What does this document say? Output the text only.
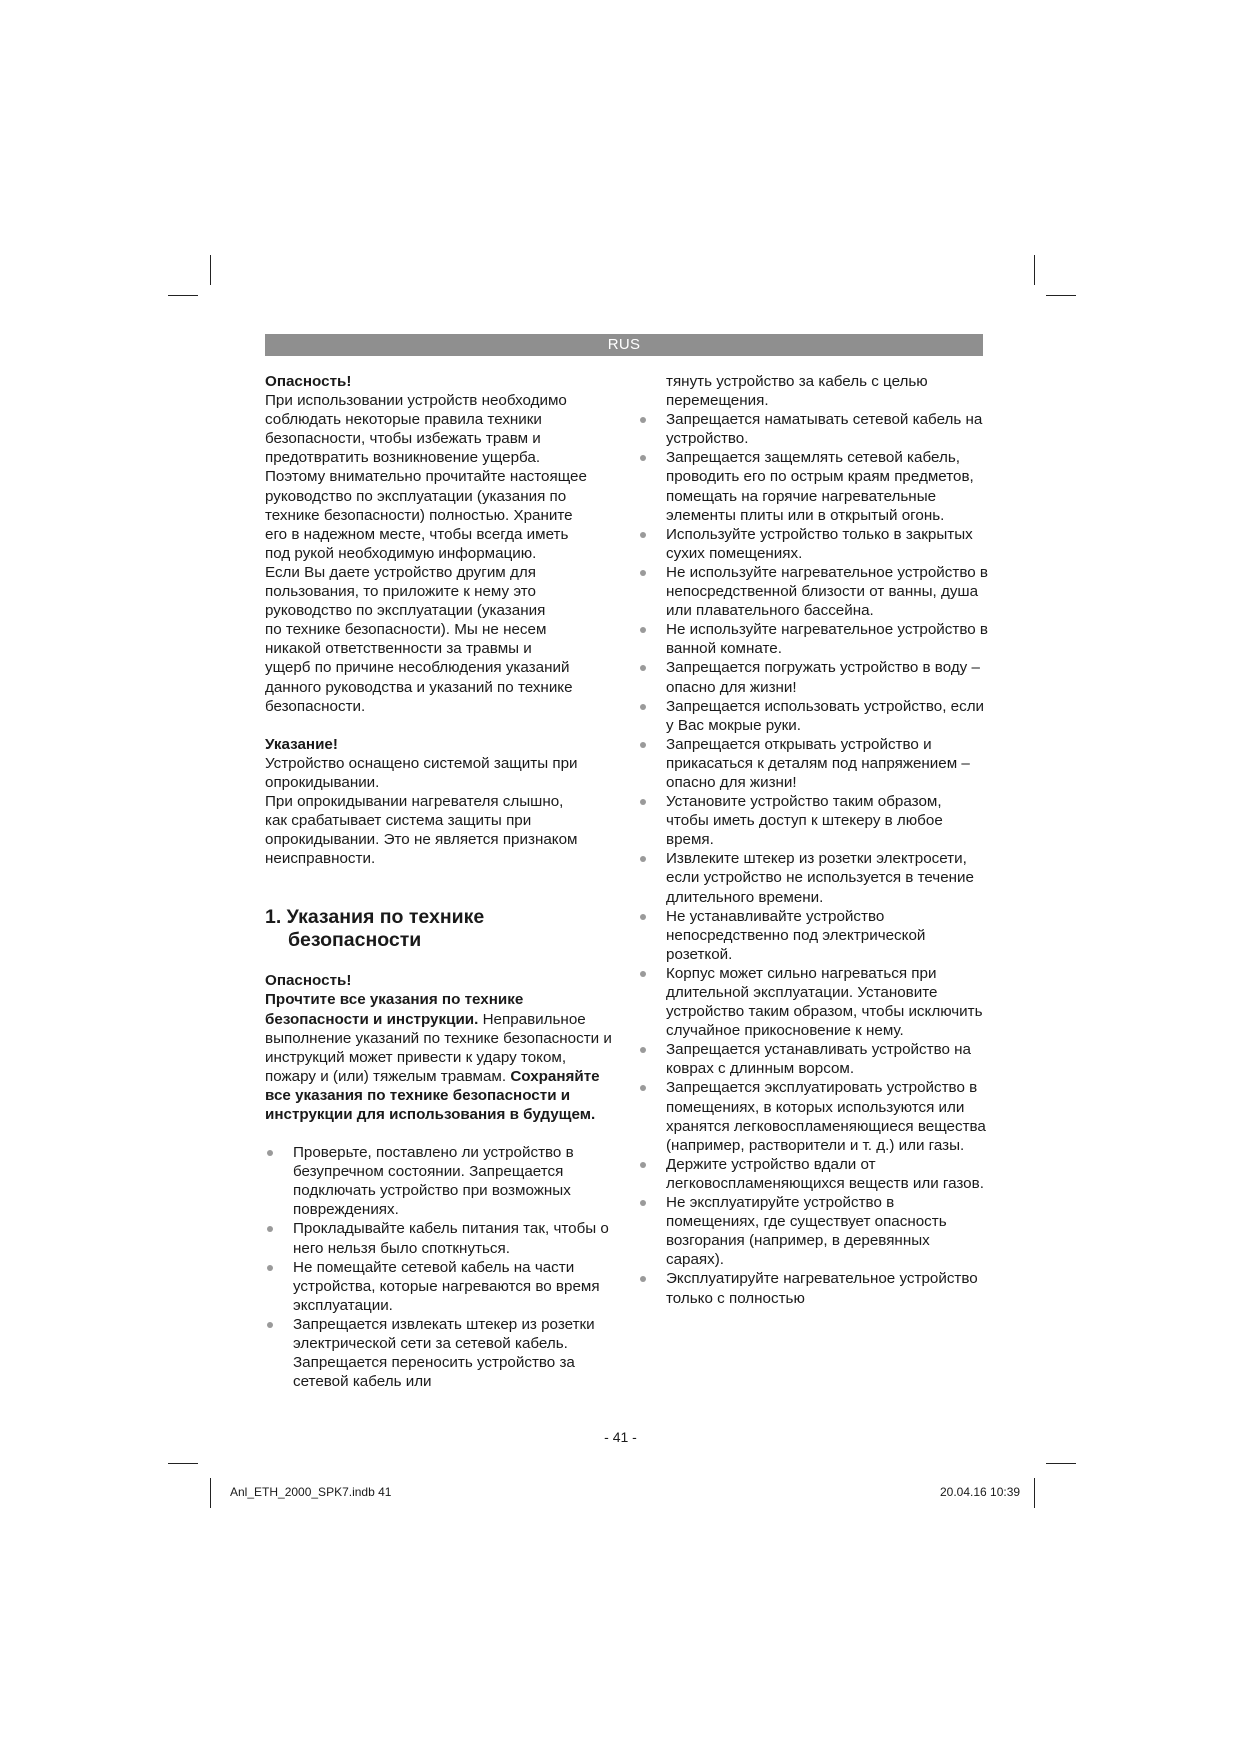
RUS

Опасность!

При использовании устройств необходимо

соблюдать некоторые правила техники

безопасности, чтобы избежать травм и

предотвратить возникновение ущерба.

Поэтому внимательно прочитайте настоящее

руководство по эксплуатации (указания по

технике безопасности) полностью. Храните

его в надежном месте, чтобы всегда иметь

под рукой необходимую информацию.

Если Вы даете устройство другим для

пользования, то приложите к нему это

руководство по эксплуатации (указания

по технике безопасности). Мы не несем

никакой ответственности за травмы и

ущерб по причине несоблюдения указаний

данного руководства и указаний по технике

безопасности.

Указание!

Устройство оснащено системой защиты при

опрокидывании.

При опрокидывании нагревателя слышно,

как срабатывает система защиты при

опрокидывании. Это не является признаком

неисправности.

1. Указания по технике безопасности

Опасность!

Прочтите все указания по технике безопасности и инструкции. Неправильное выполнение указаний по технике безопасности и инструкций может привести к удару током, пожару и (или) тяжелым травмам. Сохраняйте все указания по технике безопасности и инструкции для использования в будущем.

Проверьте, поставлено ли устройство в безупречном состоянии. Запрещается подключать устройство при возможных повреждениях.
Прокладывайте кабель питания так, чтобы о него нельзя было споткнуться.
Не помещайте сетевой кабель на части устройства, которые нагреваются во время эксплуатации.
Запрещается извлекать штекер из розетки электрической сети за сетевой кабель. Запрещается переносить устройство за сетевой кабель или

тянуть устройство за кабель с целью перемещения.

Запрещается наматывать сетевой кабель на устройство.
Запрещается защемлять сетевой кабель, проводить его по острым краям предметов, помещать на горячие нагревательные элементы плиты или в открытый огонь.
Используйте устройство только в закрытых сухих помещениях.
Не используйте нагревательное устройство в непосредственной близости от ванны, душа или плавательного бассейна.
Не используйте нагревательное устройство в ванной комнате.
Запрещается погружать устройство в воду – опасно для жизни!
Запрещается использовать устройство, если у Вас мокрые руки.
Запрещается открывать устройство и прикасаться к деталям под напряжением – опасно для жизни!
Установите устройство таким образом, чтобы иметь доступ к штекеру в любое время.
Извлеките штекер из розетки электросети, если устройство не используется в течение длительного времени.
Не устанавливайте устройство непосредственно под электрической розеткой.
Корпус может сильно нагреваться при длительной эксплуатации. Установите устройство таким образом, чтобы исключить случайное прикосновение к нему.
Запрещается устанавливать устройство на коврах с длинным ворсом.
Запрещается эксплуатировать устройство в помещениях, в которых используются или хранятся легковоспламеняющиеся вещества (например, растворители и т. д.) или газы.
Держите устройство вдали от легковоспламеняющихся веществ или газов.
Не эксплуатируйте устройство в помещениях, где существует опасность возгорания (например, в деревянных сараях).
Эксплуатируйте нагревательное устройство только с полностью
- 41 -
Anl_ETH_2000_SPK7.indb 41	20.04.16 10:39
